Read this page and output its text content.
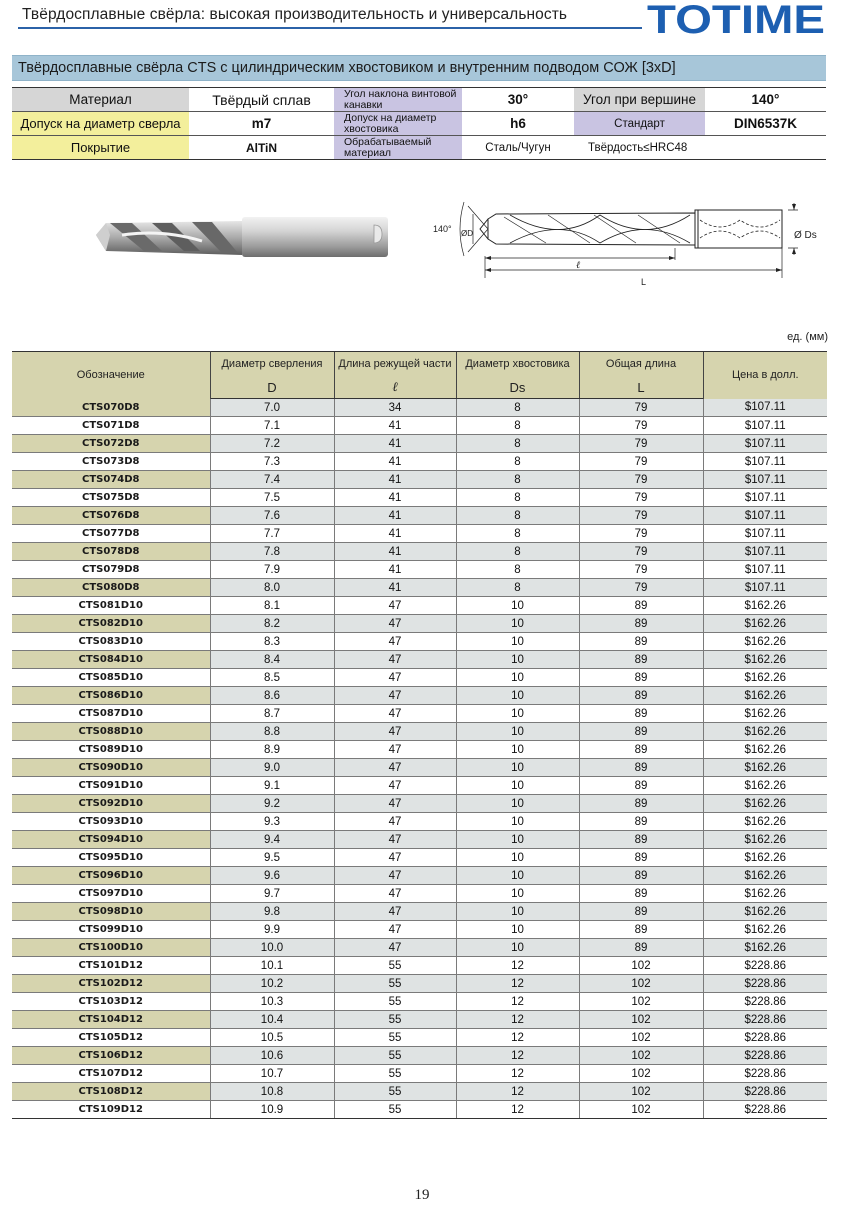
Твёрдосплавные свёрла: высокая производительность и универсальность TOTIME
Твёрдосплавные свёрла CTS с цилиндрическим хвостовиком и внутренним подводом СОЖ [3xD]
Материал	Твёрдый сплав	Угол наклона винтовой канавки	30°	Угол при вершине	140°
Допуск на диаметр сверла	m7	Допуск на диаметр хвостовика	h6	Стандарт	DIN6537K
Покрытие	AlTiN	Обрабатываемый материал	Сталь/Чугун	Твёрдость≤HRC48	
140° ØD	Ø Ds
ℓ
L
ед. (мм)
Обозначение	Диаметр сверления	Длина режущей части	Диаметр хвостовика	Общая длина	Цена в долл.
	D	ℓ	Ds	L	
CTS070D8	7.0	34	8	79	$107.11
CTS071D8	7.1	41	8	79	$107.11
CTS072D8	7.2	41	8	79	$107.11
CTS073D8	7.3	41	8	79	$107.11
CTS074D8	7.4	41	8	79	$107.11
CTS075D8	7.5	41	8	79	$107.11
CTS076D8	7.6	41	8	79	$107.11
CTS077D8	7.7	41	8	79	$107.11
CTS078D8	7.8	41	8	79	$107.11
CTS079D8	7.9	41	8	79	$107.11
CTS080D8	8.0	41	8	79	$107.11
CTS081D10	8.1	47	10	89	$162.26
CTS082D10	8.2	47	10	89	$162.26
CTS083D10	8.3	47	10	89	$162.26
CTS084D10	8.4	47	10	89	$162.26
CTS085D10	8.5	47	10	89	$162.26
CTS086D10	8.6	47	10	89	$162.26
CTS087D10	8.7	47	10	89	$162.26
CTS088D10	8.8	47	10	89	$162.26
CTS089D10	8.9	47	10	89	$162.26
CTS090D10	9.0	47	10	89	$162.26
CTS091D10	9.1	47	10	89	$162.26
CTS092D10	9.2	47	10	89	$162.26
CTS093D10	9.3	47	10	89	$162.26
CTS094D10	9.4	47	10	89	$162.26
CTS095D10	9.5	47	10	89	$162.26
CTS096D10	9.6	47	10	89	$162.26
CTS097D10	9.7	47	10	89	$162.26
CTS098D10	9.8	47	10	89	$162.26
CTS099D10	9.9	47	10	89	$162.26
CTS100D10	10.0	47	10	89	$162.26
CTS101D12	10.1	55	12	102	$228.86
CTS102D12	10.2	55	12	102	$228.86
CTS103D12	10.3	55	12	102	$228.86
CTS104D12	10.4	55	12	102	$228.86
CTS105D12	10.5	55	12	102	$228.86
CTS106D12	10.6	55	12	102	$228.86
CTS107D12	10.7	55	12	102	$228.86
CTS108D12	10.8	55	12	102	$228.86
CTS109D12	10.9	55	12	102	$228.86
19
